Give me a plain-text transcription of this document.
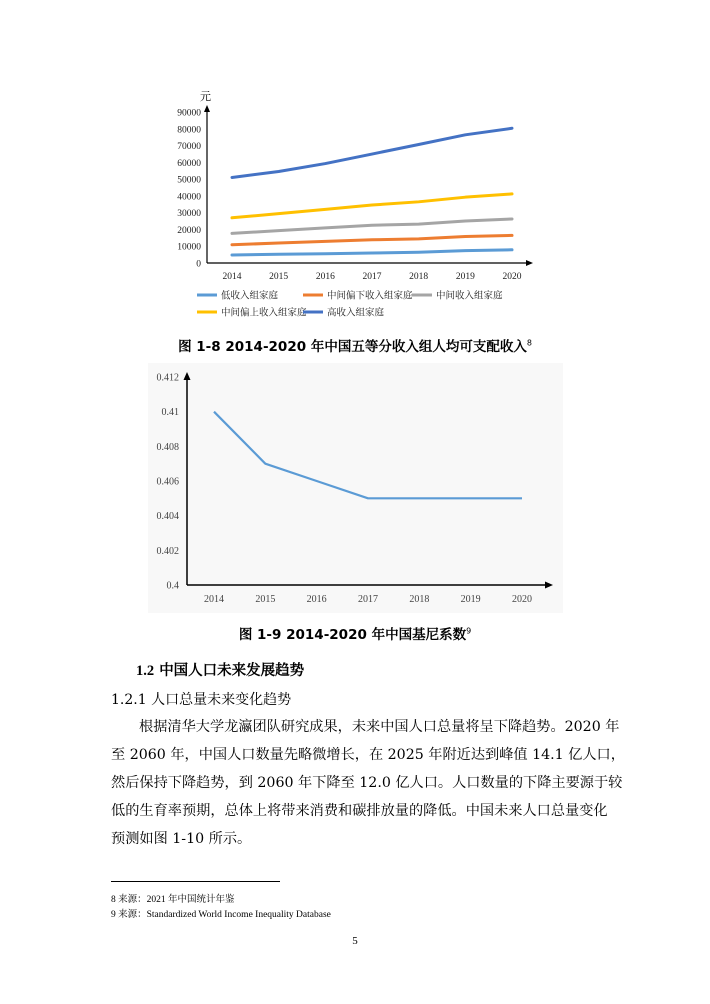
元
0
10000
20000
30000
40000
50000
60000
70000
80000
90000
2014	2015	2016	2017	2018	2019	2020
低收入组家庭	中间偏下收入组家庭 中间收入组家庭
中间偏上收入组家庭 高收入组家庭
图 1-8 2014-2020 年中国五等分收入组人均可支配收入$^8$
0.4
0.402
0.404
0.406
0.408
0.41
0.412
2014	2015	2016	2017	2018	2019	2020
图 1-9 2014-2020 年中国基尼系数$^9$
1.2 中国人口未来发展趋势
1.2.1 人口总量未来变化趋势
根据清华大学龙瀛团队研究成果，未来中国人口总量将呈下降趋势。2020 年
至 2060 年，中国人口数量先略微增长，在 2025 年附近达到峰值 14.1 亿人口，
然后保持下降趋势，到 2060 年下降至 12.0 亿人口。人口数量的下降主要源于较
低的生育率预期，总体上将带来消费和碳排放量的降低。中国未来人口总量变化
预测如图 1-10 所示。
8 来源：2021 年中国统计年鉴
9 来源：Standardized World Income Inequality Database
5
